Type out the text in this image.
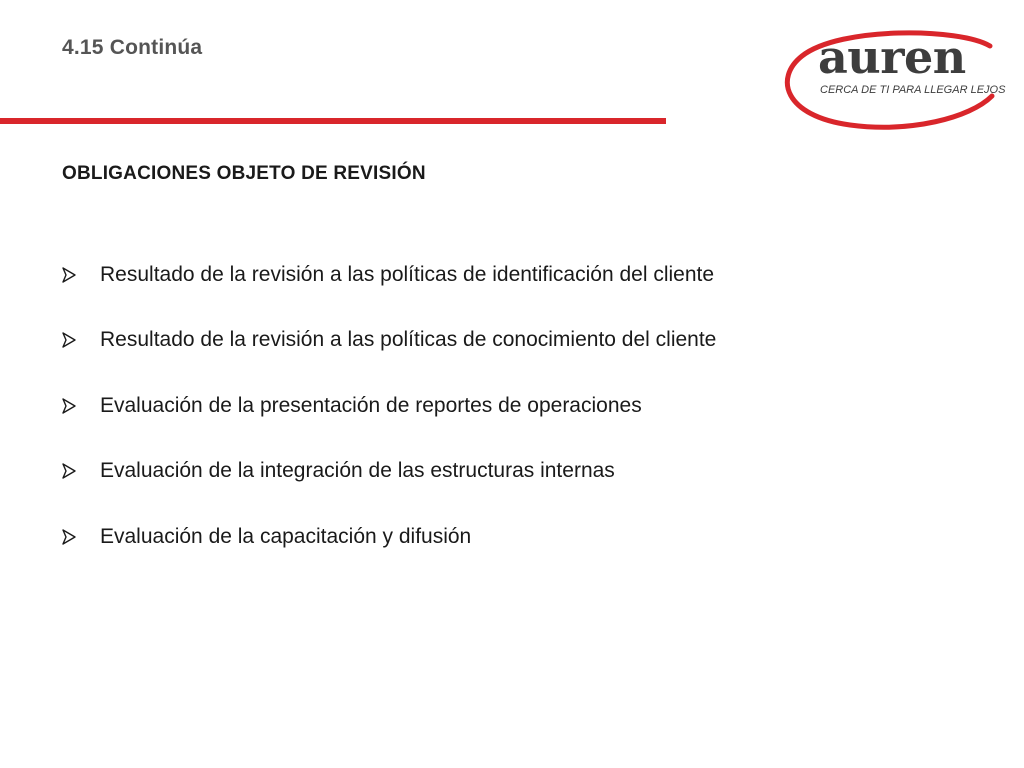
4.15 Continúa	auren
CERCA DE TI PARA LLEGAR LEJOS
OBLIGACIONES OBJETO DE REVISIÓN
Resultado de la revisión a las políticas de identificación del cliente
Resultado de la revisión a las políticas de conocimiento del cliente
Evaluación de la presentación de reportes de operaciones
Evaluación de la integración de las estructuras internas
Evaluación de la capacitación y difusión
